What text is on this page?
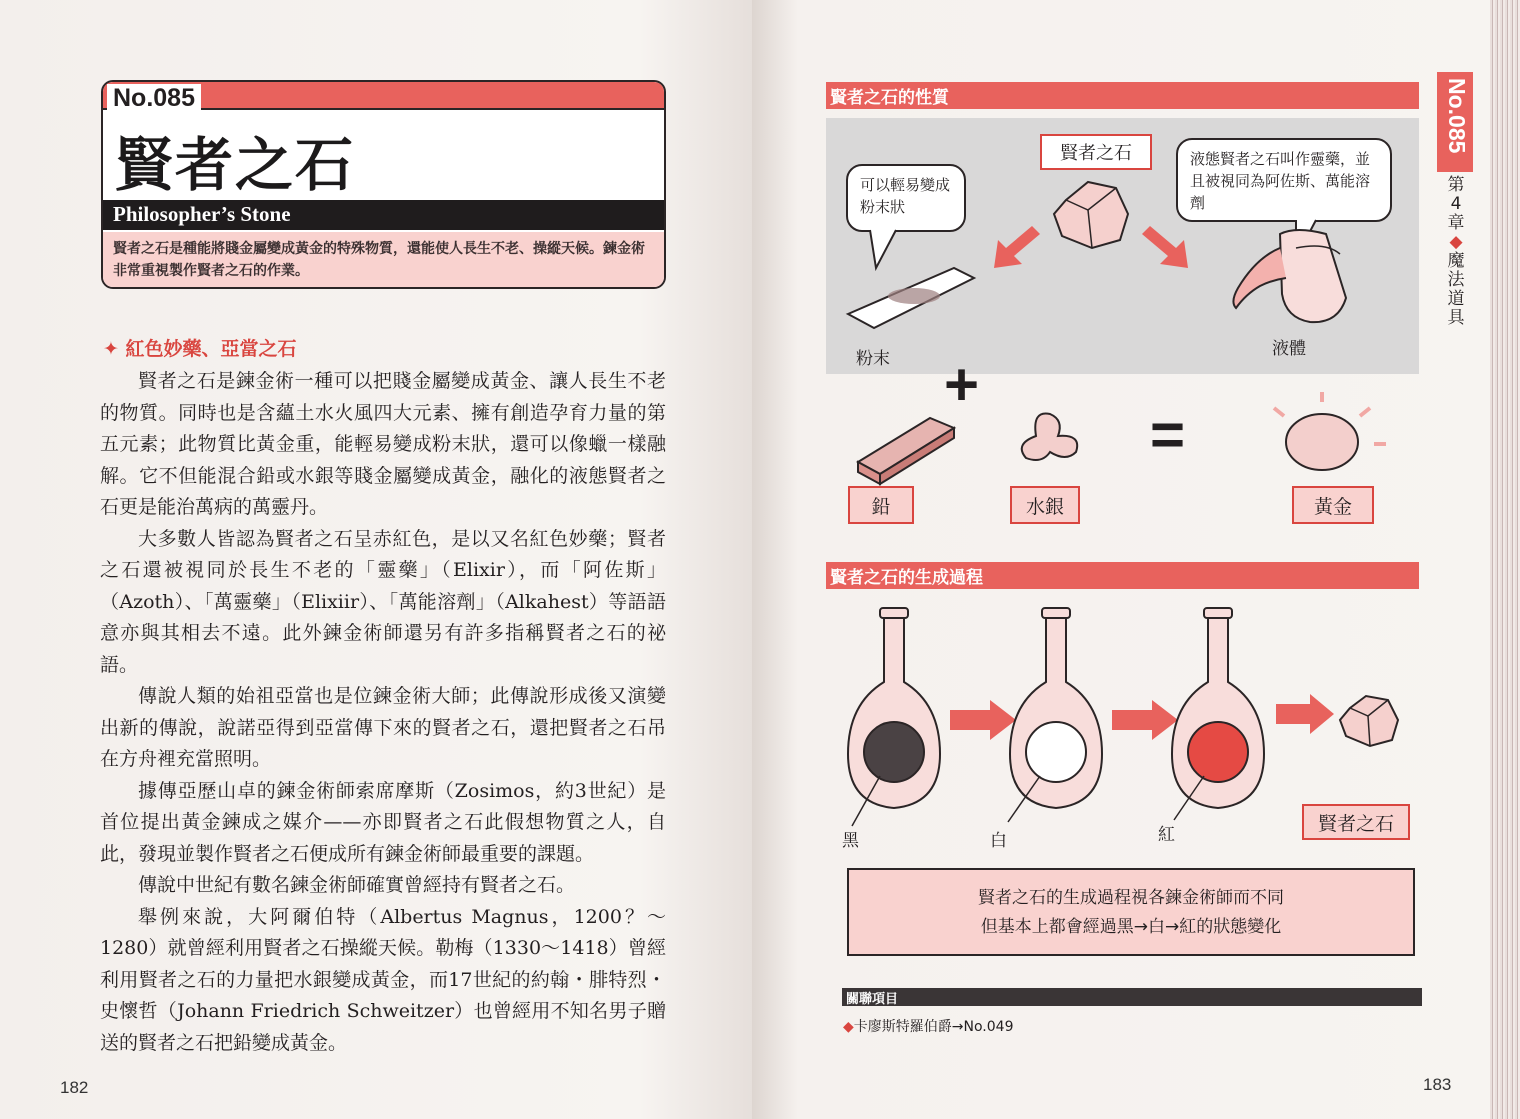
No.085
賢者之石
Philosopher’s Stone
賢者之石是種能將賤金屬變成黃金的特殊物質，還能使人長生不老、操縱天候。鍊金術非常重視製作賢者之石的作業。
✦ 紅色妙藥、亞當之石

賢者之石是鍊金術一種可以把賤金屬變成黃金、讓人長生不老的物質。同時也是含蘊土水火風四大元素、擁有創造孕育力量的第五元素；此物質比黃金重，能輕易變成粉末狀，還可以像蠟一樣融解。它不但能混合鉛或水銀等賤金屬變成黃金，融化的液態賢者之石更是能治萬病的萬靈丹。

大多數人皆認為賢者之石呈赤紅色，是以又名紅色妙藥；賢者之石還被視同於長生不老的「靈藥」（Elixir），而「阿佐斯」（Azoth）、「萬靈藥」（Elixiir）、「萬能溶劑」（Alkahest）等語語意亦與其相去不遠。此外鍊金術師還另有許多指稱賢者之石的祕語。

傳說人類的始祖亞當也是位鍊金術大師；此傳說形成後又演變出新的傳說，說諾亞得到亞當傳下來的賢者之石，還把賢者之石吊在方舟裡充當照明。

據傳亞歷山卓的鍊金術師索席摩斯（Zosimos，約3世紀）是首位提出黃金鍊成之媒介——亦即賢者之石此假想物質之人，自此，發現並製作賢者之石便成所有鍊金術師最重要的課題。

傳說中世紀有數名鍊金術師確實曾經持有賢者之石。

舉例來說，大阿爾伯特（Albertus Magnus，1200？～1280）就曾經利用賢者之石操縱天候。勒梅（1330～1418）曾經利用賢者之石的力量把水銀變成黃金，而17世紀的約翰・腓特烈・史懷哲（Johann Friedrich Schweitzer）也曾經用不知名男子贈送的賢者之石把鉛變成黃金。

182
No.085
第
4
章
◆
魔
法
道
具
賢者之石的性質
賢者之石
可以輕易變成粉末狀
液態賢者之石叫作靈藥，並且被視同為阿佐斯、萬能溶劑
粉末	液體
+
=
鉛	水銀	黃金
賢者之石的生成過程
黑	白	紅
賢者之石
賢者之石的生成過程視各鍊金術師而不同
但基本上都會經過黑→白→紅的狀態變化
關聯項目
◆卡廖斯特羅伯爵→No.049
183
